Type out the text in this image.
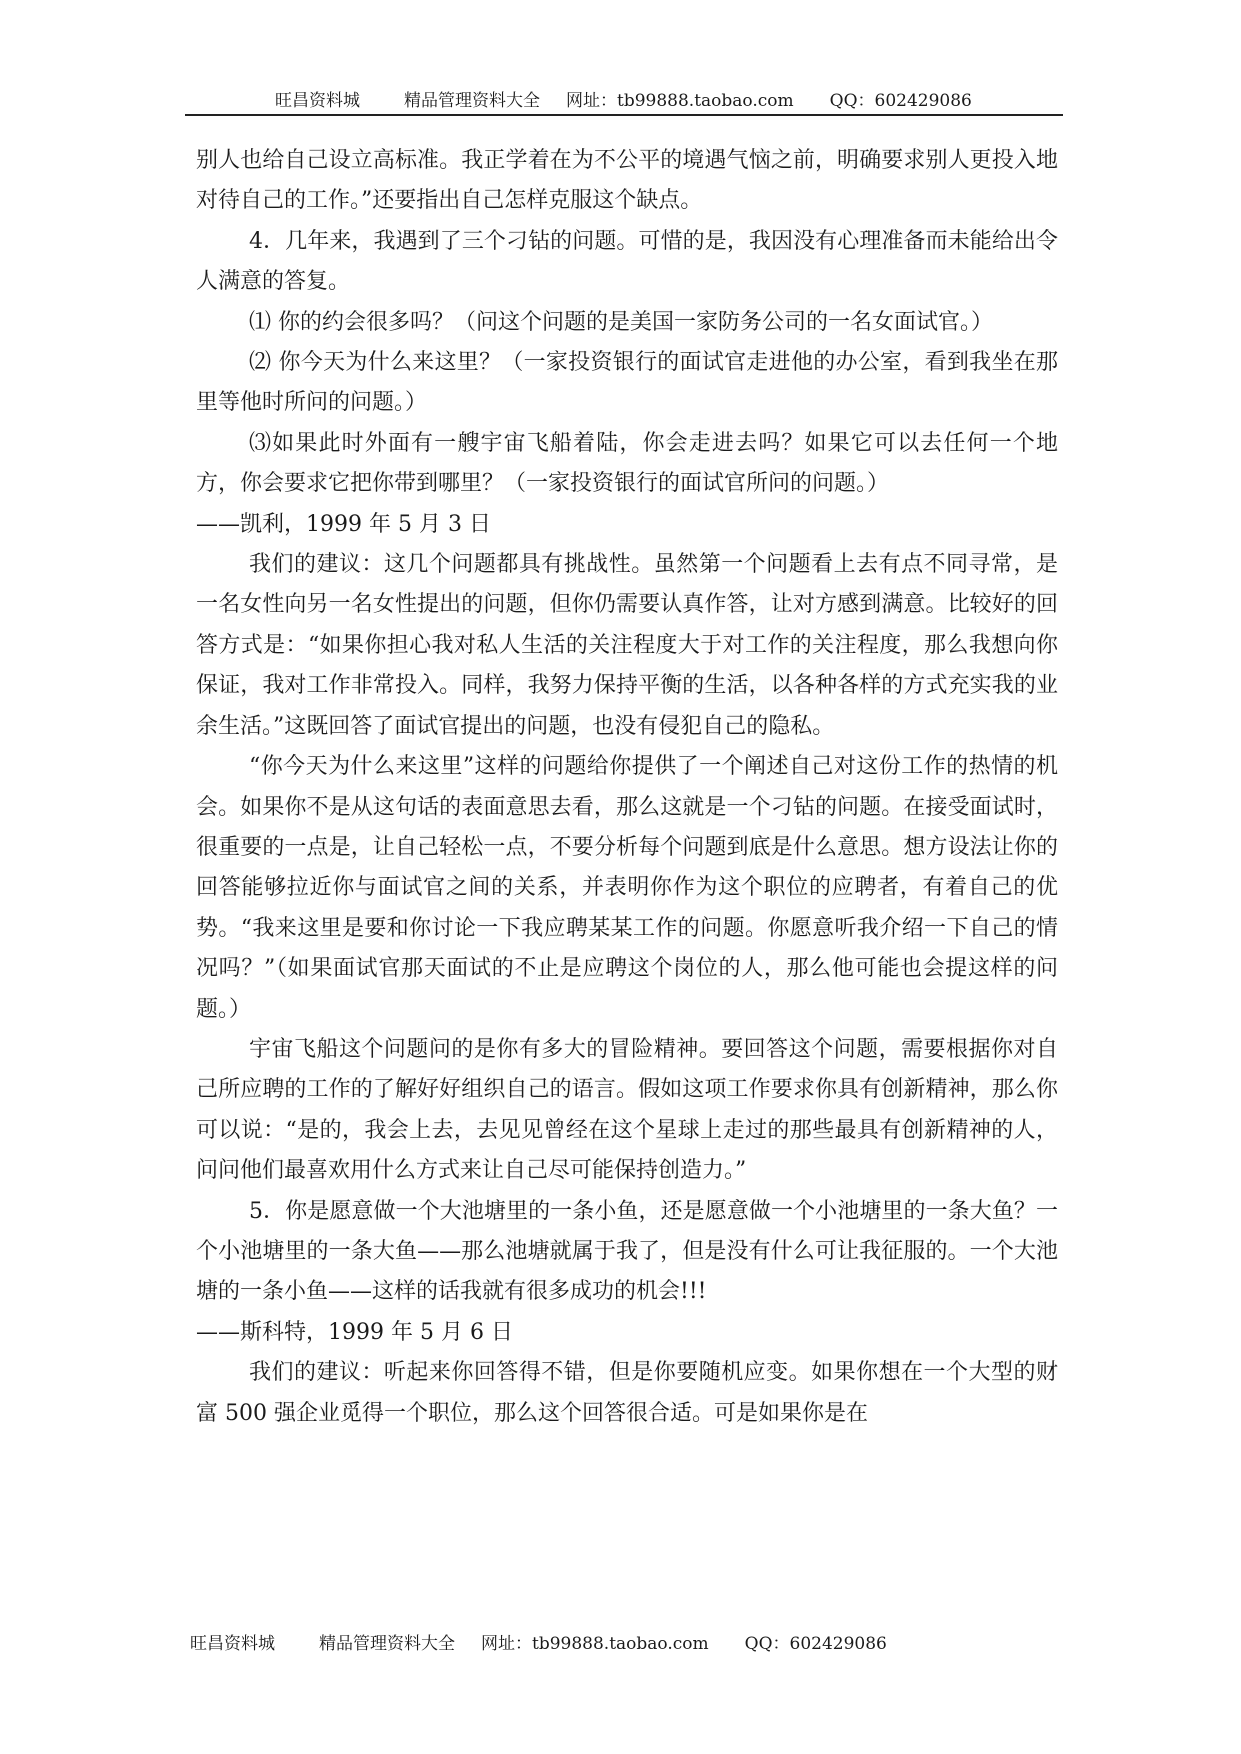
旺昌资料城	精品管理资料大全 网址：tb99888.taobao.com QQ：602429086

别人也给自己设立高标准。我正学着在为不公平的境遇气恼之前，明确要求别人更投入地对待自己的工作。”还要指出自己怎样克服这个缺点。

4．几年来，我遇到了三个刁钻的问题。可惜的是，我因没有心理准备而未能给出令人满意的答复。

⑴ 你的约会很多吗？（问这个问题的是美国一家防务公司的一名女面试官。）

⑵ 你今天为什么来这里？（一家投资银行的面试官走进他的办公室，看到我坐在那里等他时所问的问题。）

⑶如果此时外面有一艘宇宙飞船着陆，你会走进去吗？如果它可以去任何一个地方，你会要求它把你带到哪里？（一家投资银行的面试官所问的问题。）

——凯利，1999 年 5 月 3 日

我们的建议：这几个问题都具有挑战性。虽然第一个问题看上去有点不同寻常，是一名女性向另一名女性提出的问题，但你仍需要认真作答，让对方感到满意。比较好的回答方式是：“如果你担心我对私人生活的关注程度大于对工作的关注程度，那么我想向你保证，我对工作非常投入。同样，我努力保持平衡的生活，以各种各样的方式充实我的业余生活。”这既回答了面试官提出的问题，也没有侵犯自己的隐私。

“你今天为什么来这里”这样的问题给你提供了一个阐述自己对这份工作的热情的机会。如果你不是从这句话的表面意思去看，那么这就是一个刁钻的问题。在接受面试时，很重要的一点是，让自己轻松一点，不要分析每个问题到底是什么意思。想方设法让你的回答能够拉近你与面试官之间的关系，并表明你作为这个职位的应聘者，有着自己的优势。“我来这里是要和你讨论一下我应聘某某工作的问题。你愿意听我介绍一下自己的情况吗？”（如果面试官那天面试的不止是应聘这个岗位的人，那么他可能也会提这样的问题。）

宇宙飞船这个问题问的是你有多大的冒险精神。要回答这个问题，需要根据你对自己所应聘的工作的了解好好组织自己的语言。假如这项工作要求你具有创新精神，那么你可以说：“是的，我会上去，去见见曾经在这个星球上走过的那些最具有创新精神的人，问问他们最喜欢用什么方式来让自己尽可能保持创造力。”

5．你是愿意做一个大池塘里的一条小鱼，还是愿意做一个小池塘里的一条大鱼？一个小池塘里的一条大鱼——那么池塘就属于我了，但是没有什么可让我征服的。一个大池塘的一条小鱼——这样的话我就有很多成功的机会!!!

——斯科特，1999 年 5 月 6 日

我们的建议：听起来你回答得不错，但是你要随机应变。如果你想在一个大型的财富 500 强企业觅得一个职位，那么这个回答很合适。可是如果你是在

旺昌资料城	精品管理资料大全 网址：tb99888.taobao.com QQ：602429086
